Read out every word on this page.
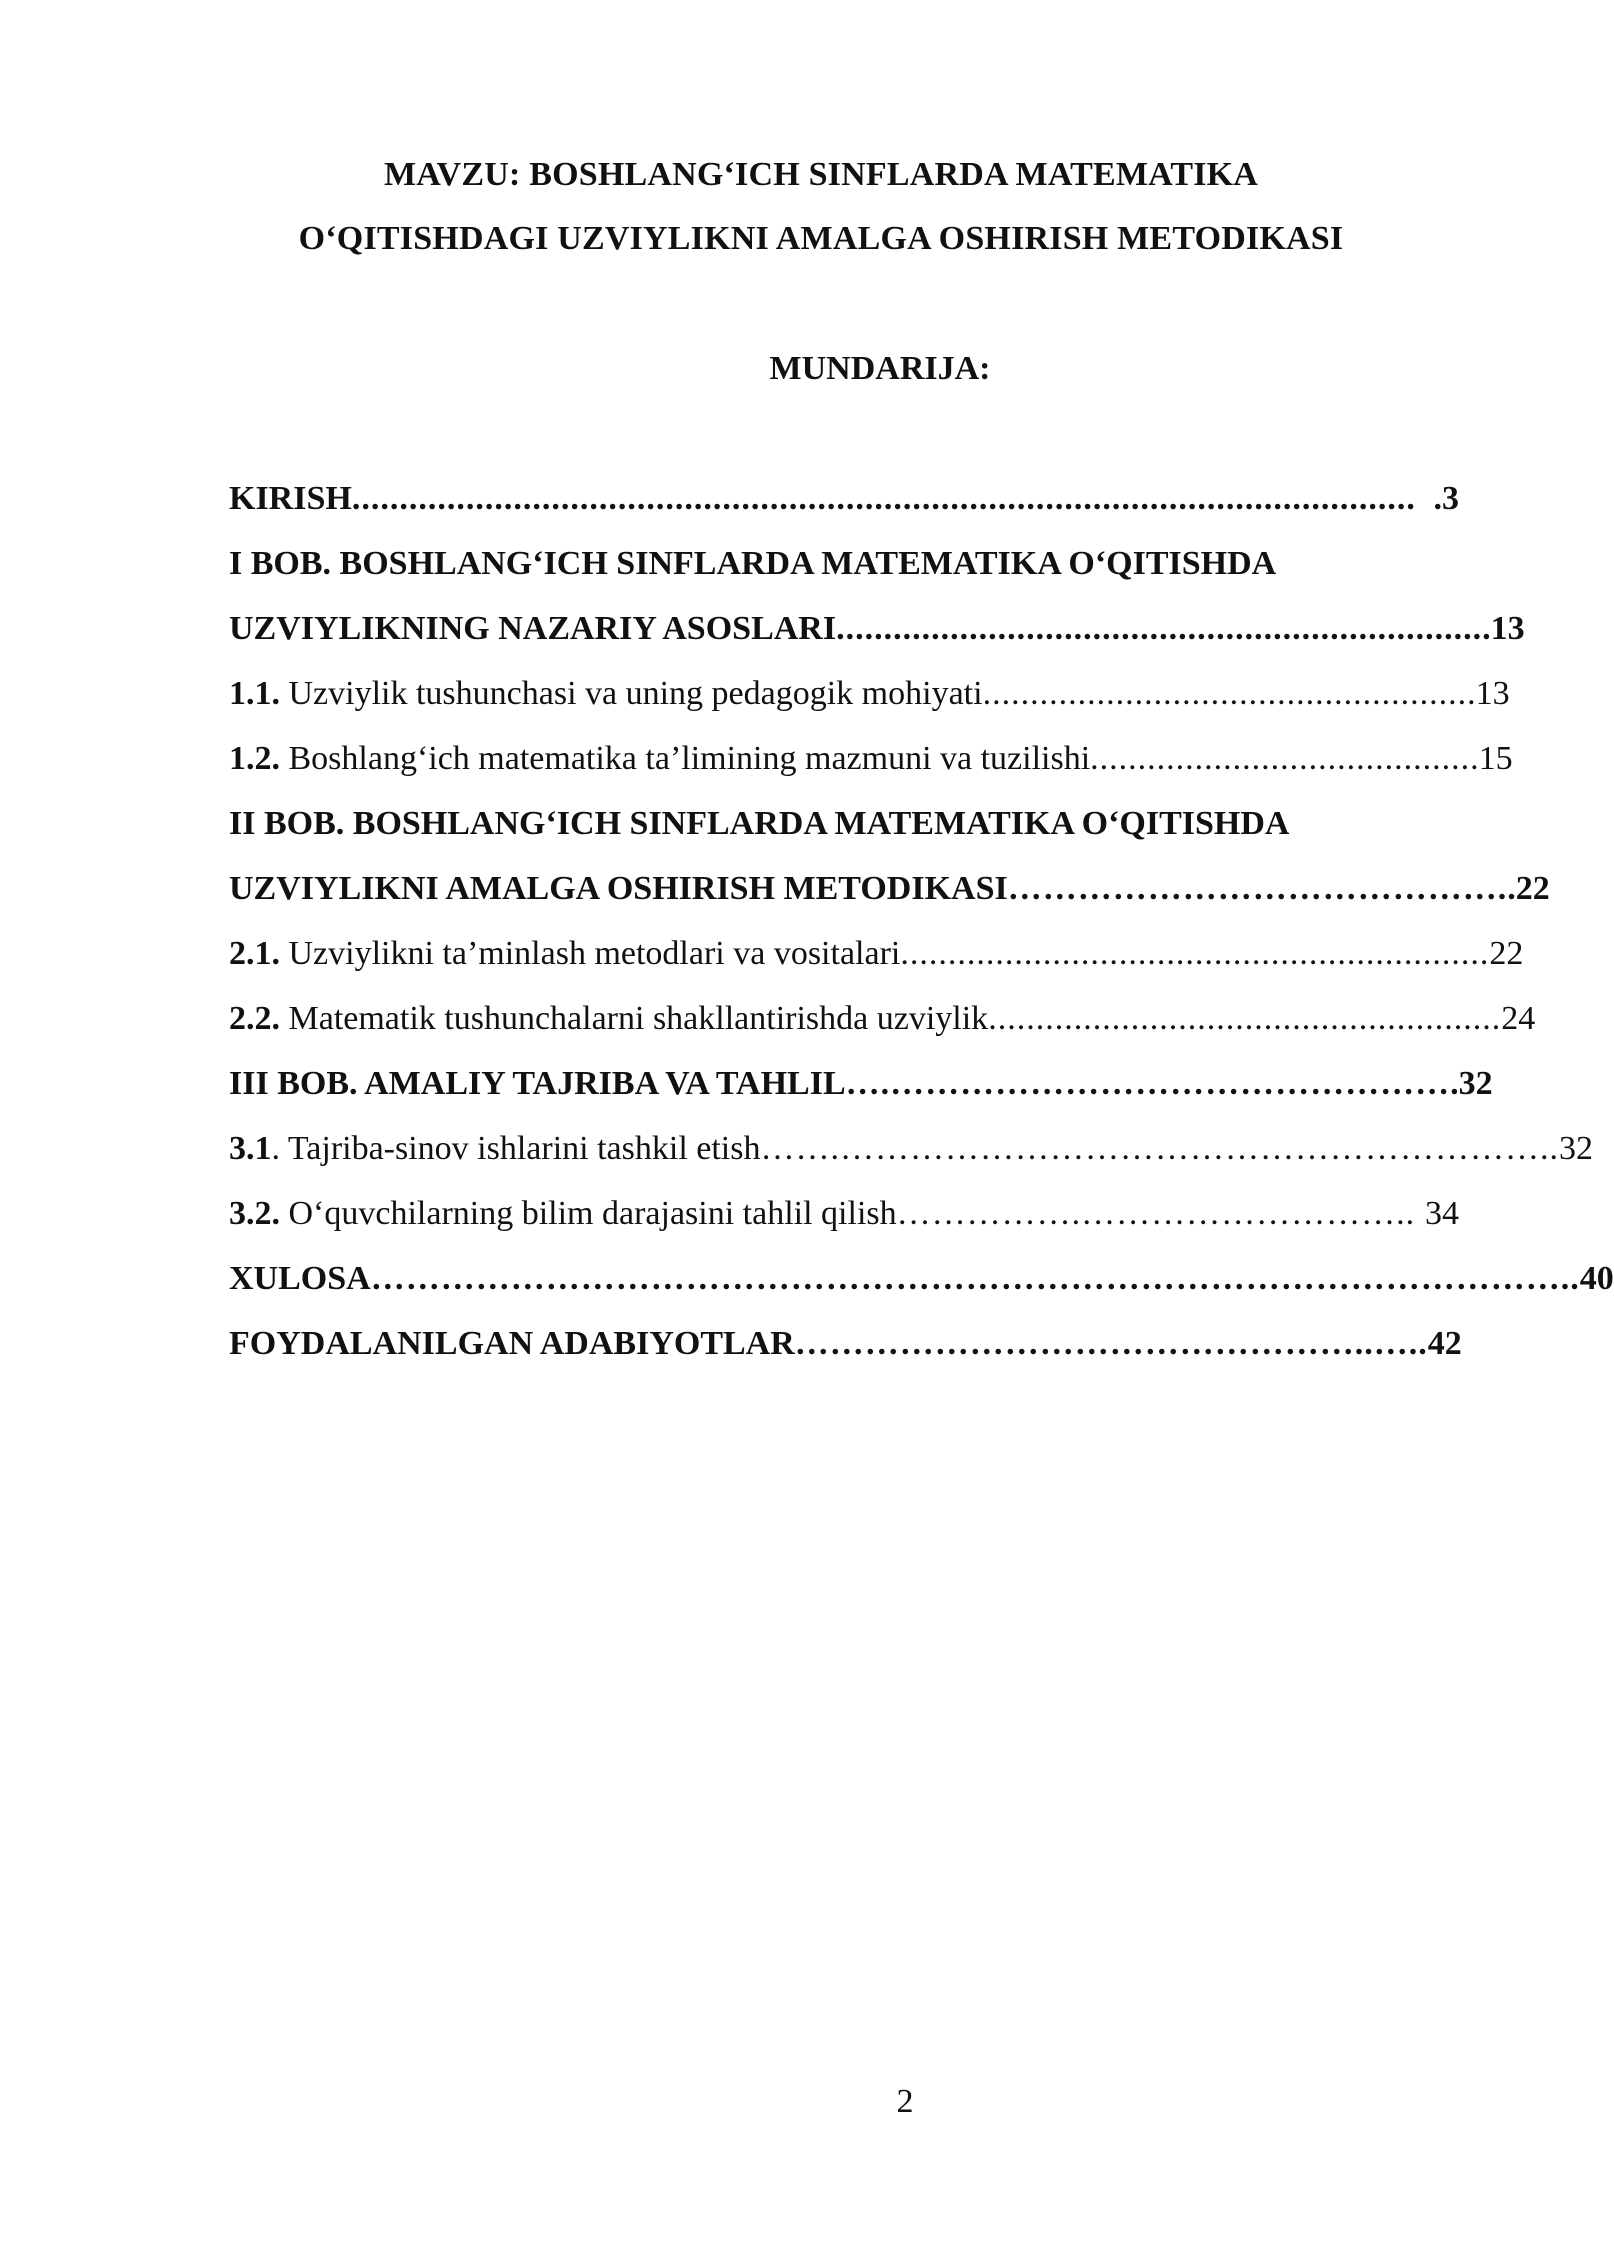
MAVZU: BOSHLANG‘ICH SINFLARDA MATEMATIKA
O‘QITISHDAGI UZVIYLIKNI AMALGA OSHIRISH METODIKASI
MUNDARIJA:
KIRISH ................................................................................................................ .3
I BOB. BOSHLANG‘ICH SINFLARDA MATEMATIKA O‘QITISHDA
UZVIYLIKNING NAZARIY ASOSLARI .................................................................... .13
1.1. Uzviylik tushunchasi va uning pedagogik mohiyati ................................................... .13
1.2. Boshlang‘ich matematika ta’limining mazmuni va tuzilishi ........................................ .15
II BOB. BOSHLANG‘ICH SINFLARDA MATEMATIKA O‘QITISHDA
UZVIYLIKNI AMALGA OSHIRISH METODIKASI ……………………………………. .22
2.1. Uzviylikni ta’minlash metodlari va vositalari .............................................................. 22
2.2. Matematik tushunchalarni shakllantirishda uzviylik ...................................................... 24
III BOB. AMALIY TAJRIBA VA TAHLIL ….………………………………………… .32
3.1. Tajriba-sinov ishlarini tashkil etish …….…………………………………………………….. 32
3.2. O‘quvchilarning bilim darajasini tahlil qilish …………….……………………….. 34
XULOSA ………………………………………………………………………………………….. 40
FOYDALANILGAN ADABIYOTLAR …………………………………………..….. 42
2
